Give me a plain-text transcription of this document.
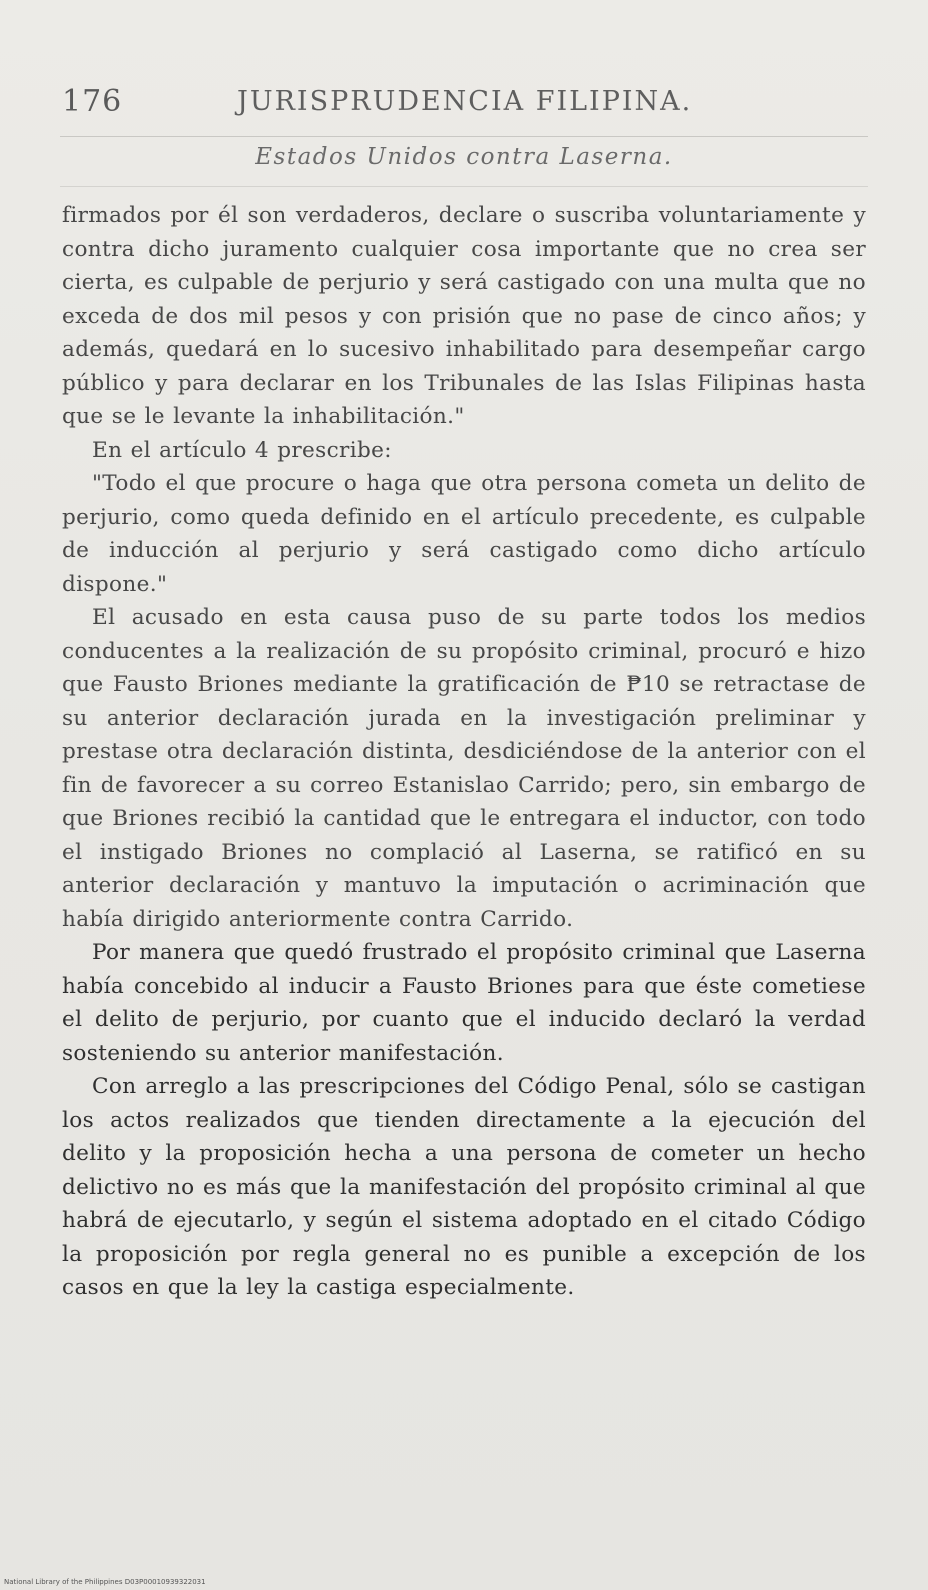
176	JURISPRUDENCIA FILIPINA.
Estados Unidos contra Laserna.

firmados por él son verdaderos, declare o suscriba voluntariamente y contra dicho juramento cualquier cosa importante que no crea ser cierta, es culpable de perjurio y será castigado con una multa que no exceda de dos mil pesos y con prisión que no pase de cinco años; y además, quedará en lo sucesivo inhabilitado para desempeñar cargo público y para declarar en los Tribunales de las Islas Filipinas hasta que se le levante la inhabilitación."

En el artículo 4 prescribe:

"Todo el que procure o haga que otra persona cometa un delito de perjurio, como queda definido en el artículo precedente, es culpable de inducción al perjurio y será castigado como dicho artículo dispone."

El acusado en esta causa puso de su parte todos los medios conducentes a la realización de su propósito criminal, procuró e hizo que Fausto Briones mediante la gratificación de ₱10 se retractase de su anterior declaración jurada en la investigación preliminar y prestase otra declaración distinta, desdiciéndose de la anterior con el fin de favorecer a su correo Estanislao Carrido; pero, sin embargo de que Briones recibió la cantidad que le entregara el inductor, con todo el instigado Briones no complació al Laserna, se ratificó en su anterior declaración y mantuvo la imputación o acriminación que había dirigido anteriormente contra Carrido.

Por manera que quedó frustrado el propósito criminal que Laserna había concebido al inducir a Fausto Briones para que éste cometiese el delito de perjurio, por cuanto que el inducido declaró la verdad sosteniendo su anterior manifestación.

Con arreglo a las prescripciones del Código Penal, sólo se castigan los actos realizados que tienden directamente a la ejecución del delito y la proposición hecha a una persona de cometer un hecho delictivo no es más que la manifestación del propósito criminal al que habrá de ejecutarlo, y según el sistema adoptado en el citado Código la proposición por regla general no es punible a excepción de los casos en que la ley la castiga especialmente.

National Library of the Philippines D03P00010939322031
